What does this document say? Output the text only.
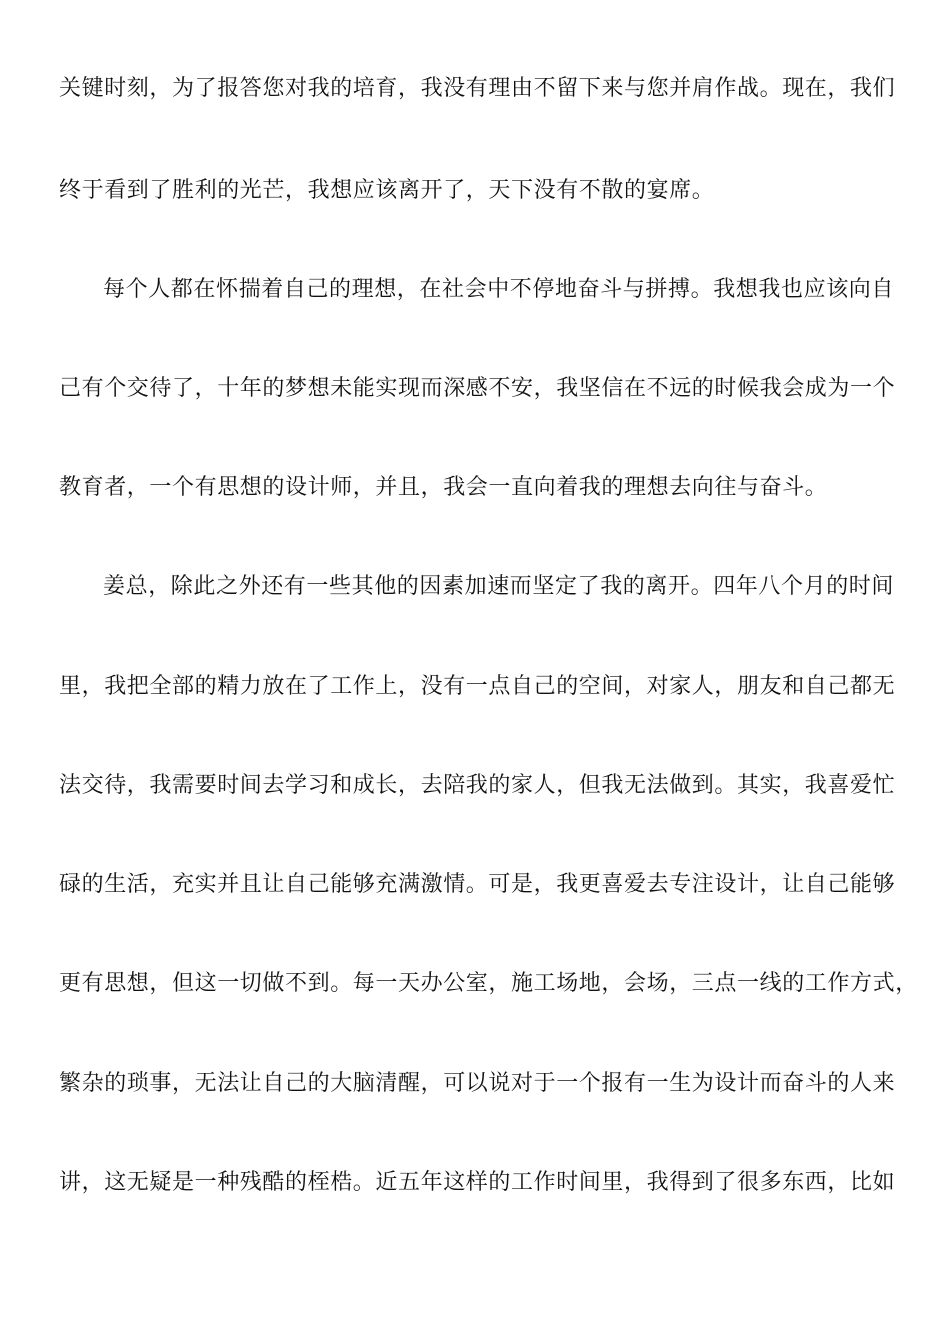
关键时刻，为了报答您对我的培育，我没有理由不留下来与您并肩作战。现在，我们
终于看到了胜利的光芒，我想应该离开了，天下没有不散的宴席。
每个人都在怀揣着自己的理想，在社会中不停地奋斗与拼搏。我想我也应该向自
己有个交待了，十年的梦想未能实现而深感不安，我坚信在不远的时候我会成为一个
教育者，一个有思想的设计师，并且，我会一直向着我的理想去向往与奋斗。
姜总，除此之外还有一些其他的因素加速而坚定了我的离开。四年八个月的时间
里，我把全部的精力放在了工作上，没有一点自己的空间，对家人，朋友和自己都无
法交待，我需要时间去学习和成长，去陪我的家人，但我无法做到。其实，我喜爱忙
碌的生活，充实并且让自己能够充满激情。可是，我更喜爱去专注设计，让自己能够
更有思想，但这一切做不到。每一天办公室，施工场地，会场，三点一线的工作方式，
繁杂的琐事，无法让自己的大脑清醒，可以说对于一个报有一生为设计而奋斗的人来
讲，这无疑是一种残酷的桎梏。近五年这样的工作时间里，我得到了很多东西，比如
